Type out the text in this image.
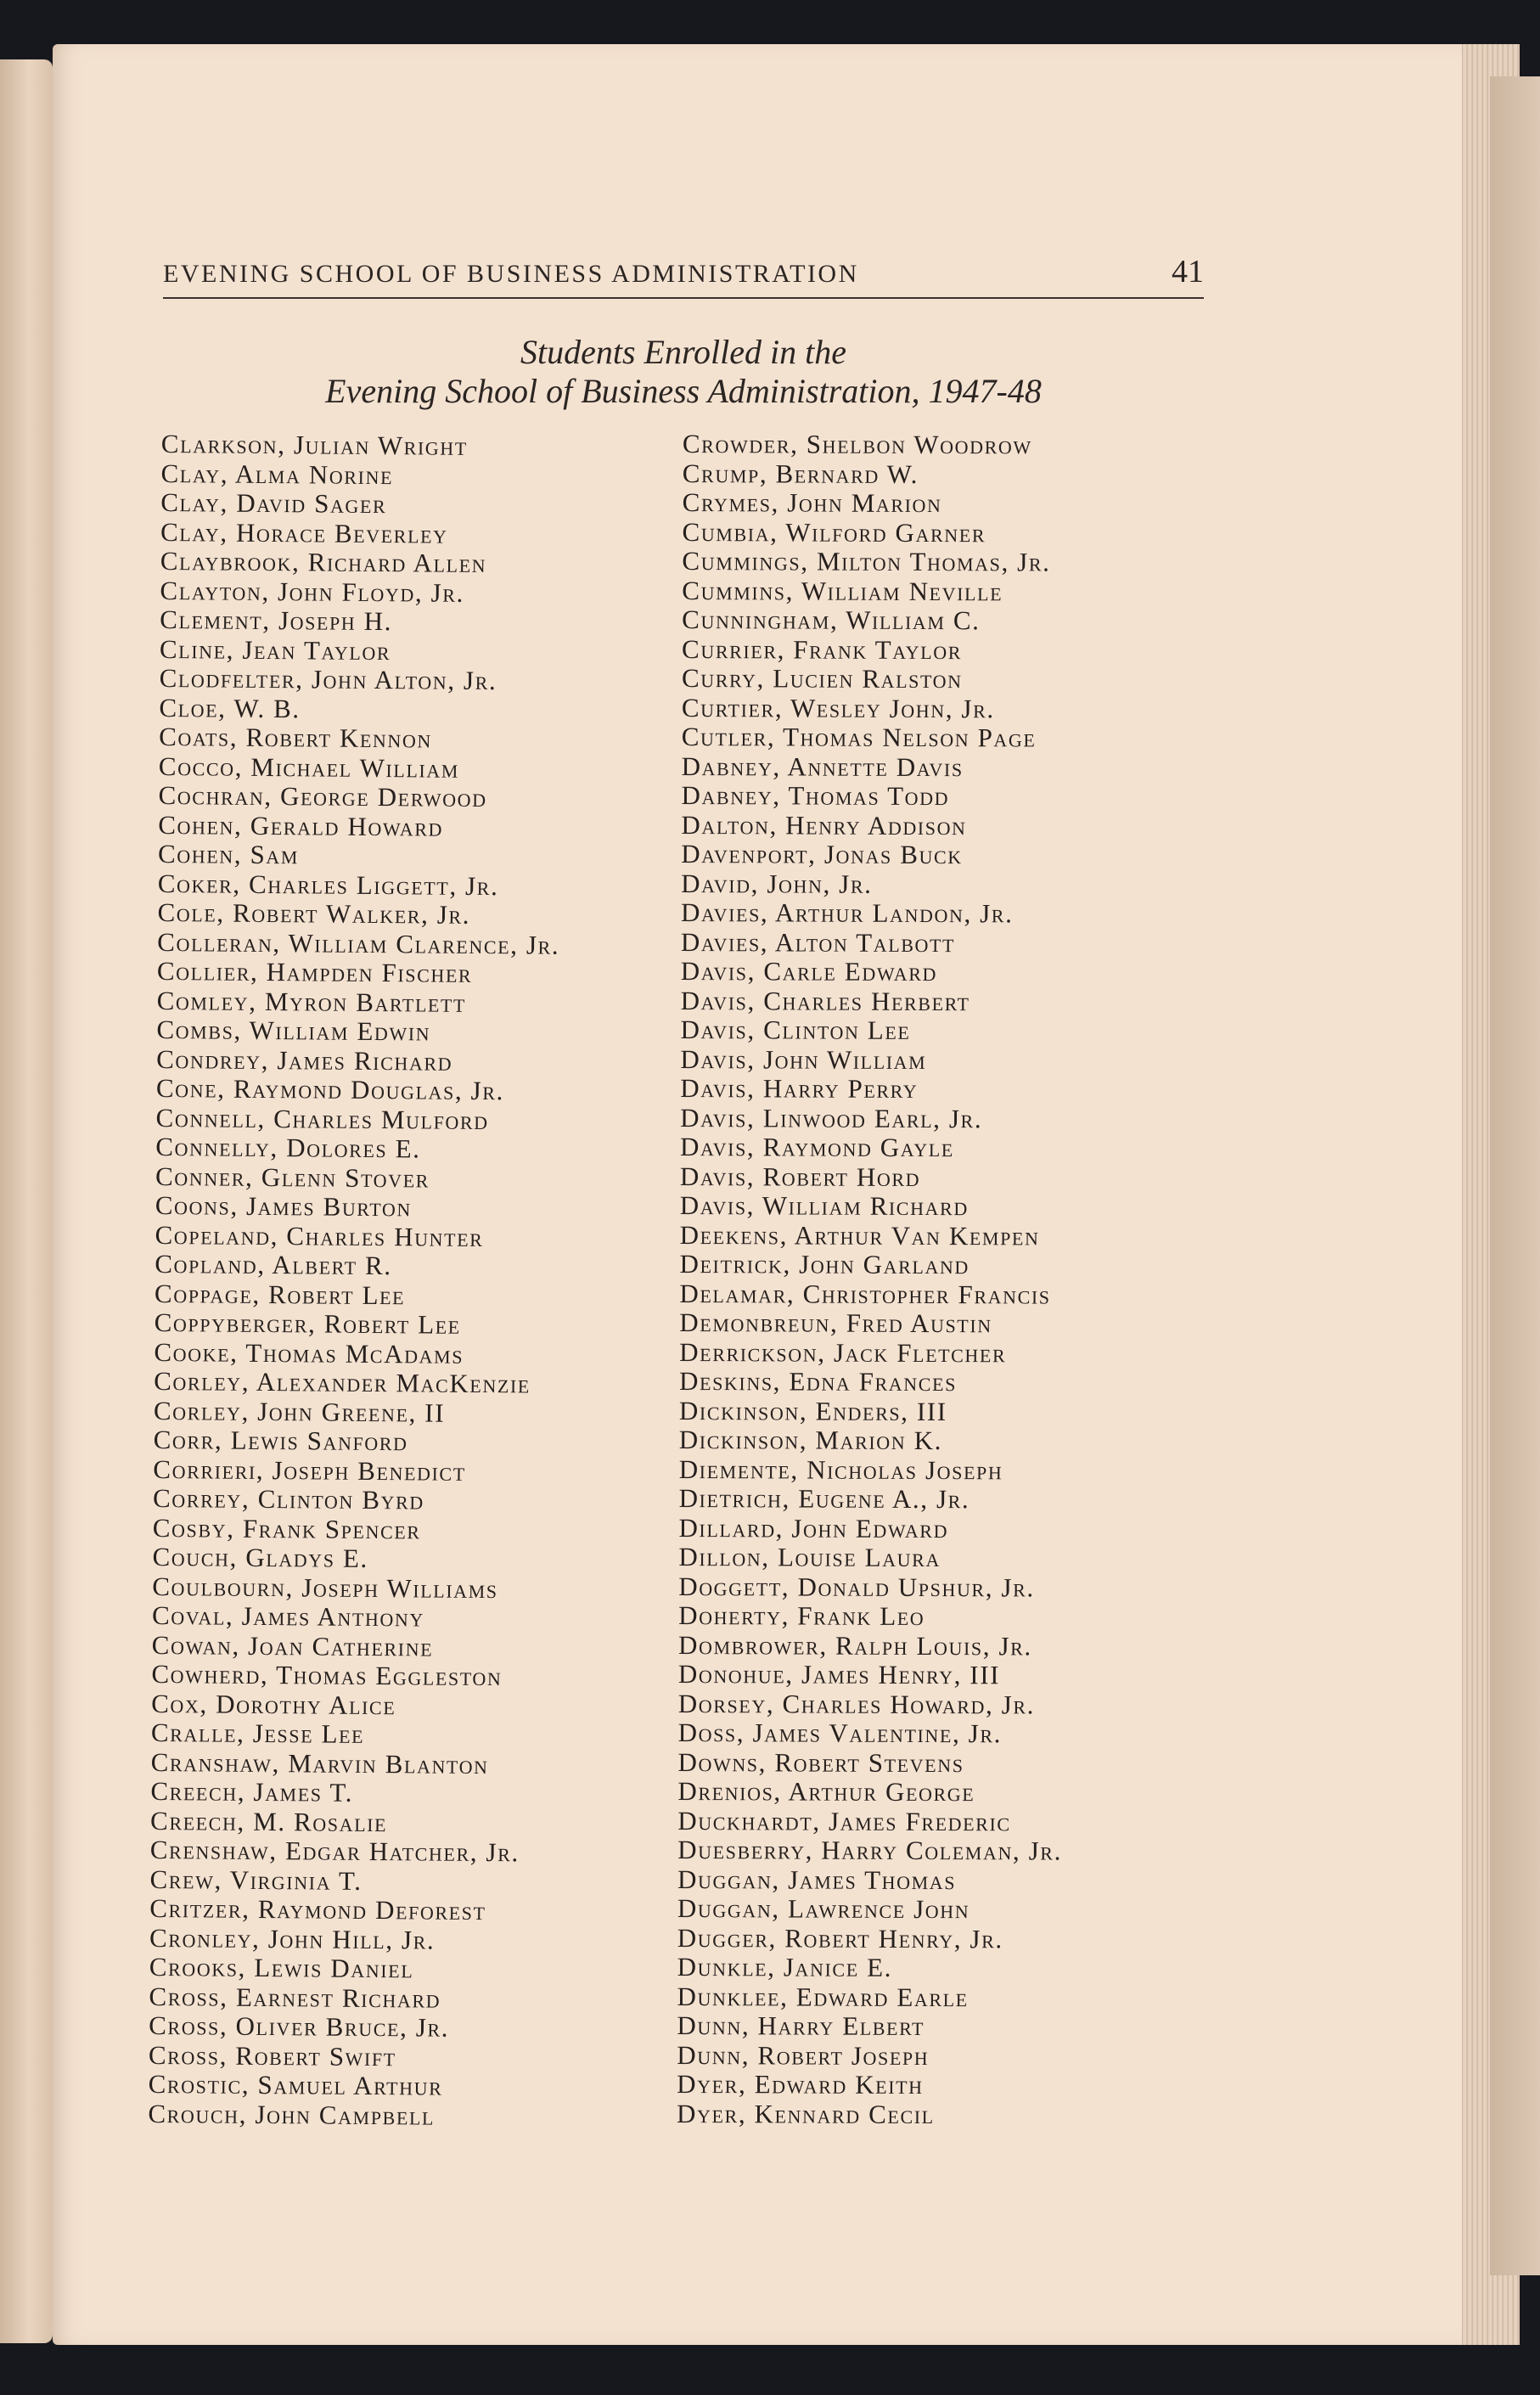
EVENING SCHOOL OF BUSINESS ADMINISTRATION	41
Students Enrolled in the
Evening School of Business Administration, 1947-48
Clarkson, Julian Wright
Clay, Alma Norine
Clay, David Sager
Clay, Horace Beverley
Claybrook, Richard Allen
Clayton, John Floyd, Jr.
Clement, Joseph H.
Cline, Jean Taylor
Clodfelter, John Alton, Jr.
Cloe, W. B.
Coats, Robert Kennon
Cocco, Michael William
Cochran, George Derwood
Cohen, Gerald Howard
Cohen, Sam
Coker, Charles Liggett, Jr.
Cole, Robert Walker, Jr.
Colleran, William Clarence, Jr.
Collier, Hampden Fischer
Comley, Myron Bartlett
Combs, William Edwin
Condrey, James Richard
Cone, Raymond Douglas, Jr.
Connell, Charles Mulford
Connelly, Dolores E.
Conner, Glenn Stover
Coons, James Burton
Copeland, Charles Hunter
Copland, Albert R.
Coppage, Robert Lee
Coppyberger, Robert Lee
Cooke, Thomas McAdams
Corley, Alexander MacKenzie
Corley, John Greene, II
Corr, Lewis Sanford
Corrieri, Joseph Benedict
Correy, Clinton Byrd
Cosby, Frank Spencer
Couch, Gladys E.
Coulbourn, Joseph Williams
Coval, James Anthony
Cowan, Joan Catherine
Cowherd, Thomas Eggleston
Cox, Dorothy Alice
Cralle, Jesse Lee
Cranshaw, Marvin Blanton
Creech, James T.
Creech, M. Rosalie
Crenshaw, Edgar Hatcher, Jr.
Crew, Virginia T.
Critzer, Raymond Deforest
Cronley, John Hill, Jr.
Crooks, Lewis Daniel
Cross, Earnest Richard
Cross, Oliver Bruce, Jr.
Cross, Robert Swift
Crostic, Samuel Arthur
Crouch, John Campbell
Crowder, Shelbon Woodrow
Crump, Bernard W.
Crymes, John Marion
Cumbia, Wilford Garner
Cummings, Milton Thomas, Jr.
Cummins, William Neville
Cunningham, William C.
Currier, Frank Taylor
Curry, Lucien Ralston
Curtier, Wesley John, Jr.
Cutler, Thomas Nelson Page
Dabney, Annette Davis
Dabney, Thomas Todd
Dalton, Henry Addison
Davenport, Jonas Buck
David, John, Jr.
Davies, Arthur Landon, Jr.
Davies, Alton Talbott
Davis, Carle Edward
Davis, Charles Herbert
Davis, Clinton Lee
Davis, John William
Davis, Harry Perry
Davis, Linwood Earl, Jr.
Davis, Raymond Gayle
Davis, Robert Hord
Davis, William Richard
Deekens, Arthur Van Kempen
Deitrick, John Garland
Delamar, Christopher Francis
Demonbreun, Fred Austin
Derrickson, Jack Fletcher
Deskins, Edna Frances
Dickinson, Enders, III
Dickinson, Marion K.
Diemente, Nicholas Joseph
Dietrich, Eugene A., Jr.
Dillard, John Edward
Dillon, Louise Laura
Doggett, Donald Upshur, Jr.
Doherty, Frank Leo
Dombrower, Ralph Louis, Jr.
Donohue, James Henry, III
Dorsey, Charles Howard, Jr.
Doss, James Valentine, Jr.
Downs, Robert Stevens
Drenios, Arthur George
Duckhardt, James Frederic
Duesberry, Harry Coleman, Jr.
Duggan, James Thomas
Duggan, Lawrence John
Dugger, Robert Henry, Jr.
Dunkle, Janice E.
Dunklee, Edward Earle
Dunn, Harry Elbert
Dunn, Robert Joseph
Dyer, Edward Keith
Dyer, Kennard Cecil
